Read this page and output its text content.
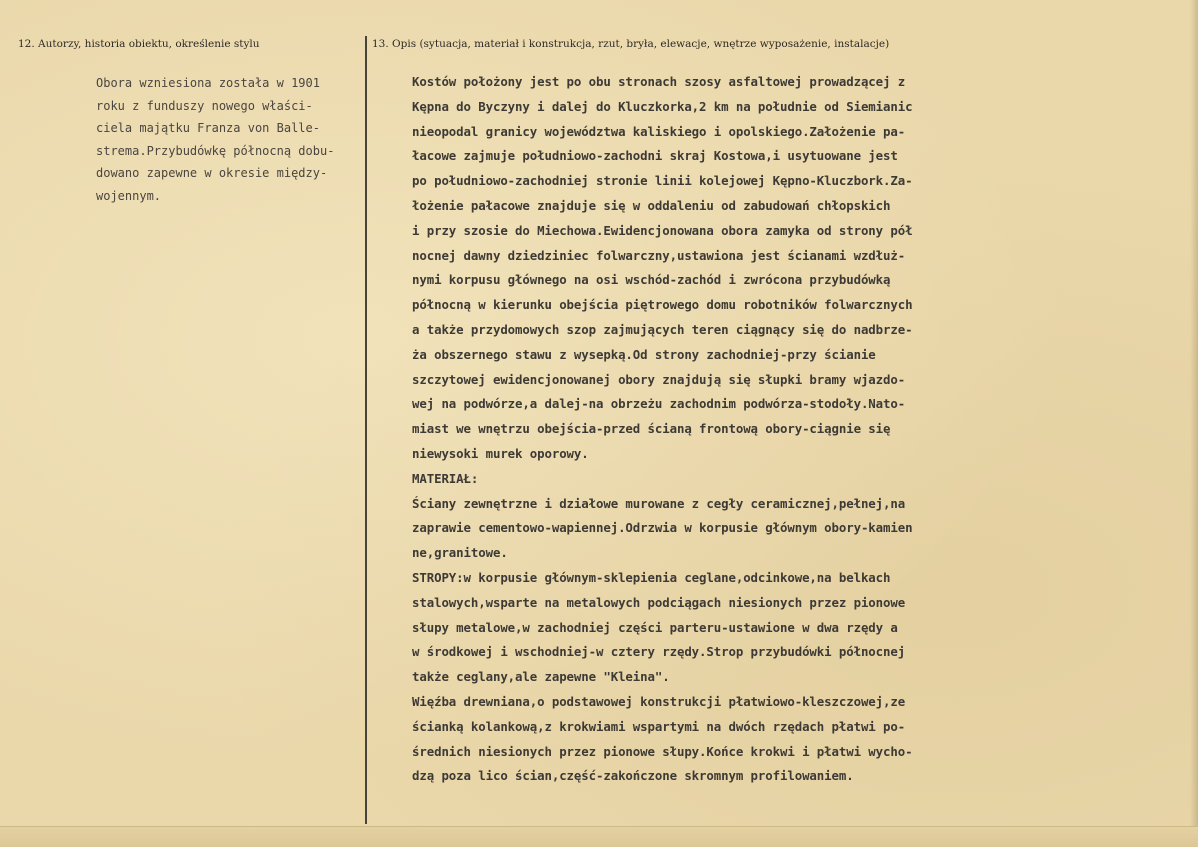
12. Autorzy, historia obiektu, określenie stylu	13. Opis (sytuacja, materiał i konstrukcja, rzut, bryła, elewacje, wnętrze wyposażenie, instalacje)
Obora wzniesiona została w 1901
roku z funduszy nowego właści-
ciela majątku Franza von Balle-
strema.Przybudówkę północną dobu-
dowano zapewne w okresie między-
wojennym.
Kostów położony jest po obu stronach szosy asfaltowej prowadzącej z
Kępna do Byczyny i dalej do Kluczkorka,2 km na południe od Siemianic
nieopodal granicy województwa kaliskiego i opolskiego.Założenie pa-
łacowe zajmuje południowo-zachodni skraj Kostowa,i usytuowane jest
po południowo-zachodniej stronie linii kolejowej Kępno-Kluczbork.Za-
łożenie pałacowe znajduje się w oddaleniu od zabudowań chłopskich
i przy szosie do Miechowa.Ewidencjonowana obora zamyka od strony pół
nocnej dawny dziedziniec folwarczny,ustawiona jest ścianami wzdłuż-
nymi korpusu głównego na osi wschód-zachód i zwrócona przybudówką
północną w kierunku obejścia piętrowego domu robotników folwarcznych
a także przydomowych szop zajmujących teren ciągnący się do nadbrze-
ża obszernego stawu z wysepką.Od strony zachodniej-przy ścianie
szczytowej ewidencjonowanej obory znajdują się słupki bramy wjazdo-
wej na podwórze,a dalej-na obrzeżu zachodnim podwórza-stodoły.Nato-
miast we wnętrzu obejścia-przed ścianą frontową obory-ciągnie się
niewysoki murek oporowy.
MATERIAŁ:
Ściany zewnętrzne i działowe murowane z cegły ceramicznej,pełnej,na
zaprawie cementowo-wapiennej.Odrzwia w korpusie głównym obory-kamien
ne,granitowe.
STROPY:w korpusie głównym-sklepienia ceglane,odcinkowe,na belkach
stalowych,wsparte na metalowych podciągach niesionych przez pionowe
słupy metalowe,w zachodniej części parteru-ustawione w dwa rzędy a
w środkowej i wschodniej-w cztery rzędy.Strop przybudówki północnej
także ceglany,ale zapewne "Kleina".
Więźba drewniana,o podstawowej konstrukcji płatwiowo-kleszczowej,ze
ścianką kolankową,z krokwiami wspartymi na dwóch rzędach płatwi po-
średnich niesionych przez pionowe słupy.Końce krokwi i płatwi wycho-
dzą poza lico ścian,część-zakończone skromnym profilowaniem.
